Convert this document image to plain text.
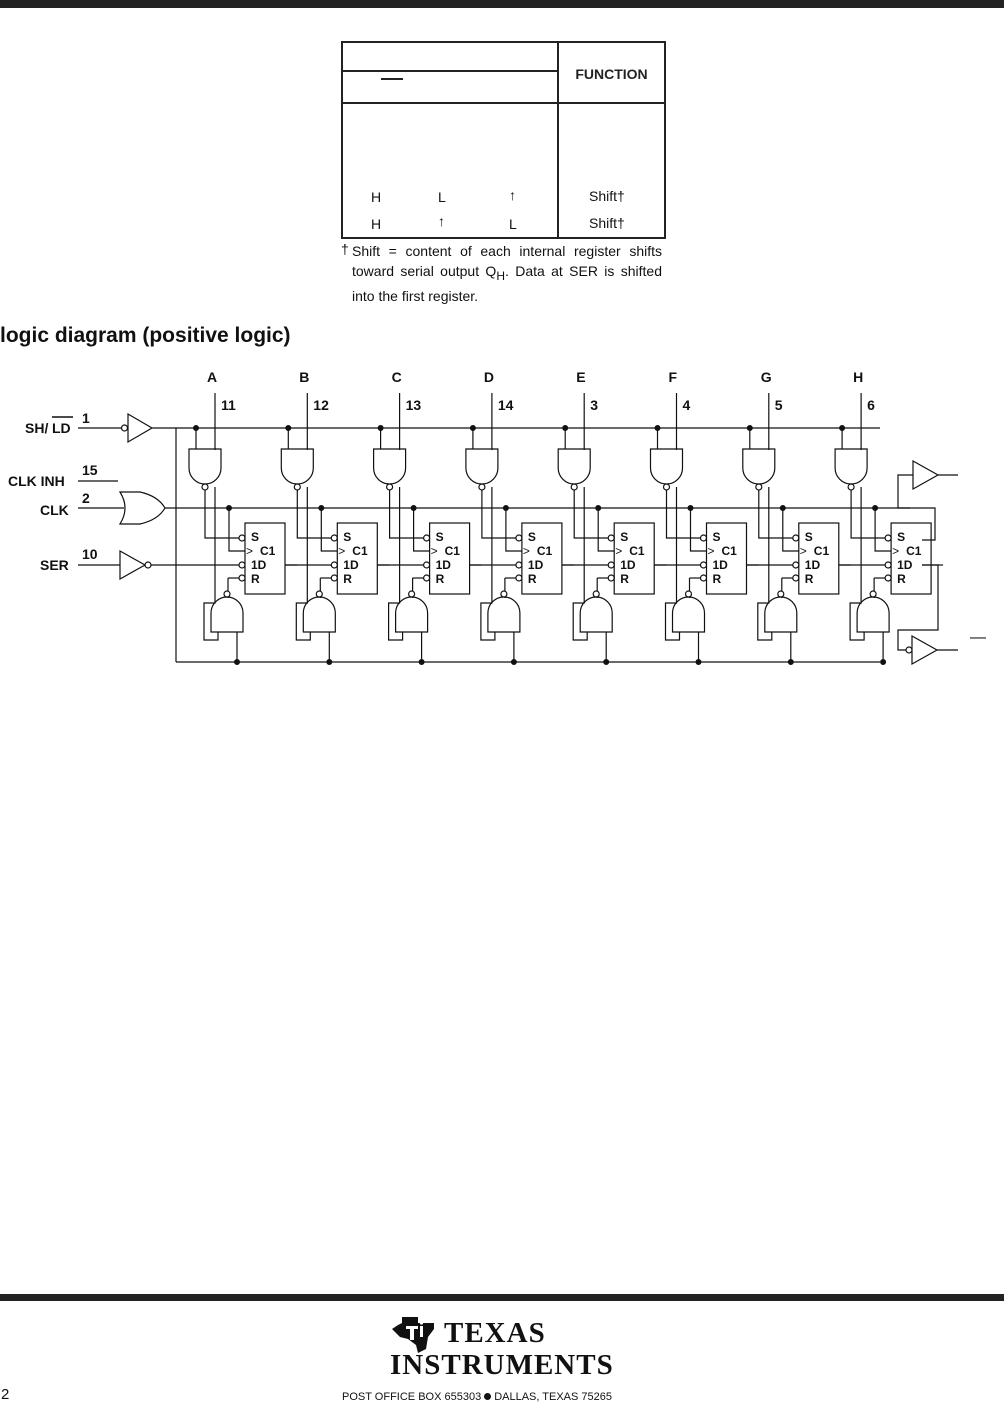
FUNCTION
H	L	↑	Shift†
H	↑	L	Shift†
† Shift = content of each internal register shifts toward serial output $Q_H$. Data at SER is shifted into the first register.
logic diagram (positive logic)
S
> C1
1D
R
S
> C1
1D
R
S
> C1
1D
R
S
> C1
1D
R
S
> C1
1D
R
S
> C1
1D
R
S
> C1
1D
R
S
> C1
1D
R
SH/ LD
1
CLK INH
15
CLK
2
SER
10
—
A
11
B
12
C
13
D
14
E
3
F
4
G
5
H
6
TEXAS
INSTRUMENTS
POST OFFICE BOX 655303 DALLAS, TEXAS 75265
2
